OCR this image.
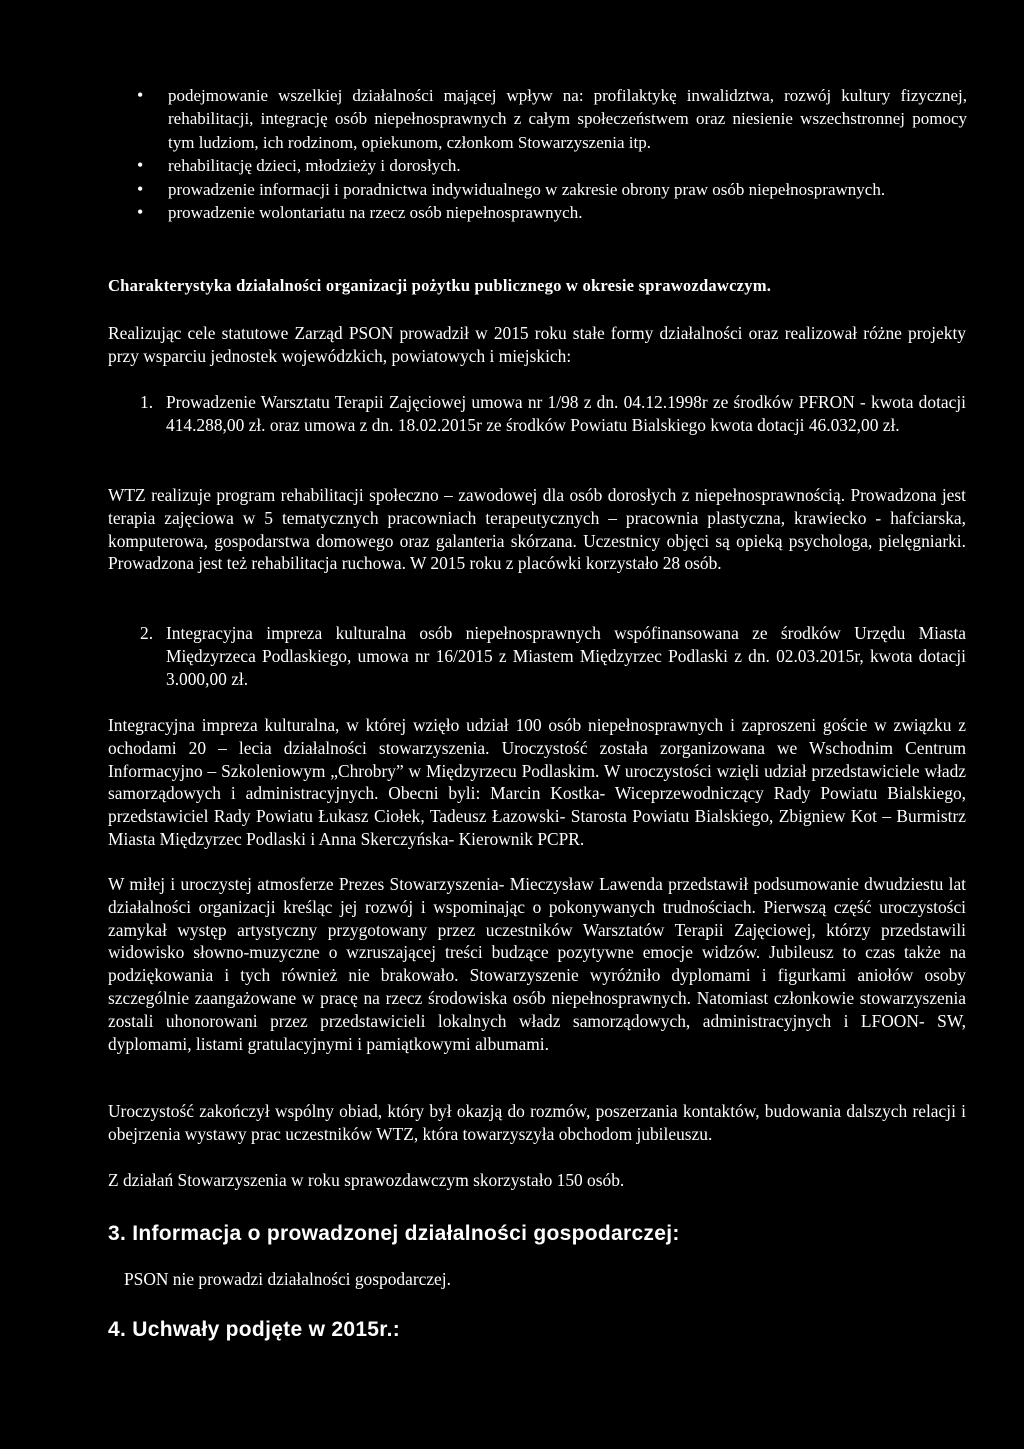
• podejmowanie wszelkiej działalności mającej wpływ na: profilaktykę inwalidztwa, rozwój kultury fizycznej, rehabilitacji, integrację osób niepełnosprawnych z całym społeczeństwem oraz niesienie wszechstronnej pomocy tym ludziom, ich rodzinom, opiekunom, członkom Stowarzyszenia itp.
• rehabilitację dzieci, młodzieży i dorosłych.
• prowadzenie informacji i poradnictwa indywidualnego w zakresie obrony praw osób niepełnosprawnych.
• prowadzenie wolontariatu na rzecz osób niepełnosprawnych.
Charakterystyka działalności organizacji pożytku publicznego w okresie sprawozdawczym.

Realizując cele statutowe Zarząd PSON prowadził w 2015 roku stałe formy działalności oraz realizował różne projekty przy wsparciu jednostek wojewódzkich, powiatowych i miejskich:

1. Prowadzenie Warsztatu Terapii Zajęciowej umowa nr 1/98 z dn. 04.12.1998r ze środków PFRON - kwota dotacji 414.288,00 zł. oraz umowa z dn. 18.02.2015r ze środków Powiatu Bialskiego kwota dotacji 46.032,00 zł.

WTZ realizuje program rehabilitacji społeczno – zawodowej dla osób dorosłych z niepełnosprawnością. Prowadzona jest terapia zajęciowa w 5 tematycznych pracowniach terapeutycznych – pracownia plastyczna, krawiecko - hafciarska, komputerowa, gospodarstwa domowego oraz galanteria skórzana. Uczestnicy objęci są opieką psychologa, pielęgniarki. Prowadzona jest też rehabilitacja ruchowa. W 2015 roku z placówki korzystało 28 osób.

2. Integracyjna impreza kulturalna osób niepełnosprawnych wspófinansowana ze środków Urzędu Miasta Międzyrzeca Podlaskiego, umowa nr 16/2015 z Miastem Międzyrzec Podlaski z dn. 02.03.2015r, kwota dotacji 3.000,00 zł.

Integracyjna impreza kulturalna, w której wzięło udział 100 osób niepełnosprawnych i zaproszeni goście w związku z ochodami 20 – lecia działalności stowarzyszenia. Uroczystość została zorganizowana we Wschodnim Centrum Informacyjno – Szkoleniowym „Chrobry” w Międzyrzecu Podlaskim. W uroczystości wzięli udział przedstawiciele władz samorządowych i administracyjnych. Obecni byli: Marcin Kostka- Wiceprzewodniczący Rady Powiatu Bialskiego, przedstawiciel Rady Powiatu Łukasz Ciołek, Tadeusz Łazowski- Starosta Powiatu Bialskiego, Zbigniew Kot – Burmistrz Miasta Międzyrzec Podlaski i Anna Skerczyńska- Kierownik PCPR.

W miłej i uroczystej atmosferze Prezes Stowarzyszenia- Mieczysław Lawenda przedstawił podsumowanie dwudziestu lat działalności organizacji kreśląc jej rozwój i wspominając o pokonywanych trudnościach. Pierwszą część uroczystości zamykał występ artystyczny przygotowany przez uczestników Warsztatów Terapii Zajęciowej, którzy przedstawili widowisko słowno-muzyczne o wzruszającej treści budzące pozytywne emocje widzów. Jubileusz to czas także na podziękowania i tych również nie brakowało. Stowarzyszenie wyróżniło dyplomami i figurkami aniołów osoby szczególnie zaangażowane w pracę na rzecz środowiska osób niepełnosprawnych. Natomiast członkowie stowarzyszenia zostali uhonorowani przez przedstawicieli lokalnych władz samorządowych, administracyjnych i LFOON- SW, dyplomami, listami gratulacyjnymi i pamiątkowymi albumami.

Uroczystość zakończył wspólny obiad, który był okazją do rozmów, poszerzania kontaktów, budowania dalszych relacji i obejrzenia wystawy prac uczestników WTZ, która towarzyszyła obchodom jubileuszu.

Z działań Stowarzyszenia w roku sprawozdawczym skorzystało 150 osób.

3. Informacja o prowadzonej działalności gospodarczej:
PSON nie prowadzi działalności gospodarczej.
4. Uchwały podjęte w 2015r.:
